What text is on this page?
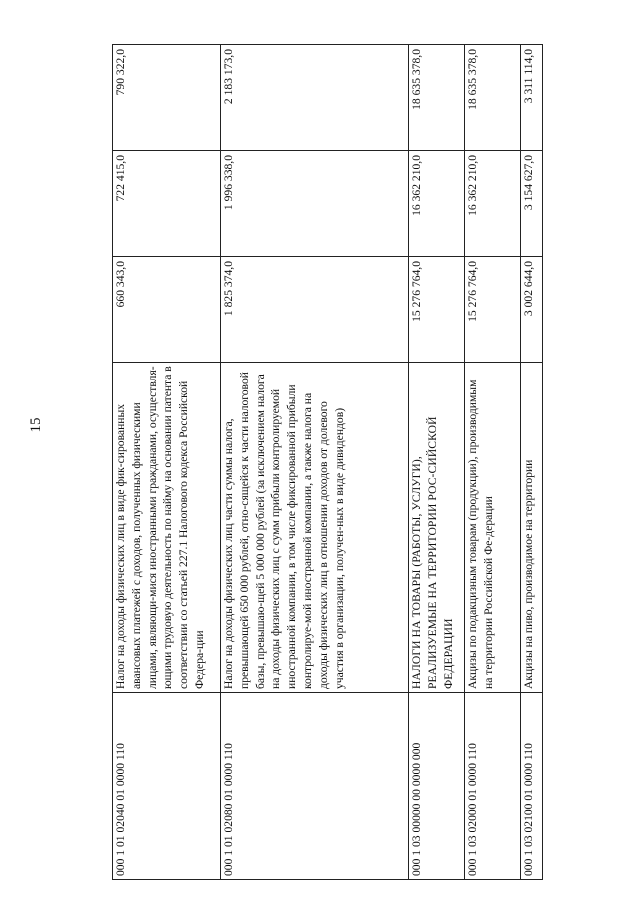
15
000 1 01 02040 01 0000 110	Налог на доходы физических лиц в виде фик-сированных авансовых платежей с доходов, полученных физическими лицами, являющи-мися иностранными гражданами, осуществля-ющими трудовую деятельность по найму на основании патента в соответствии со статьей 227.1 Налогового кодекса Российской Федера-ции	660 343,0	722 415,0	790 322,0
000 1 01 02080 01 0000 110	Налог на доходы физических лиц части суммы налога, превышающей 650 000 рублей, отно-сящейся к части налоговой базы, превышаю-щей 5 000 000 рублей (за исключением налога на доходы физических лиц с сумм прибыли контролируемой иностранной компании, в том числе фиксированной прибыли контролируе-мой иностранной компании, а также налога на доходы физических лиц в отношении доходов от долевого участия в организации, получен-ных в виде дивидендов)	1 825 374,0	1 996 338,0	2 183 173,0
000 1 03 00000 00 0000 000	НАЛОГИ НА ТОВАРЫ (РАБОТЫ, УСЛУГИ), РЕАЛИЗУЕМЫЕ НА ТЕРРИТОРИИ РОС-СИЙСКОЙ ФЕДЕРАЦИИ	15 276 764,0	16 362 210,0	18 635 378,0
000 1 03 02000 01 0000 110	Акцизы по подакцизным товарам (продукции), производимым на территории Российской Фе-дерации	15 276 764,0	16 362 210,0	18 635 378,0
000 1 03 02100 01 0000 110	Акцизы на пиво, производимое на территории	3 002 644,0	3 154 627,0	3 311 114,0
